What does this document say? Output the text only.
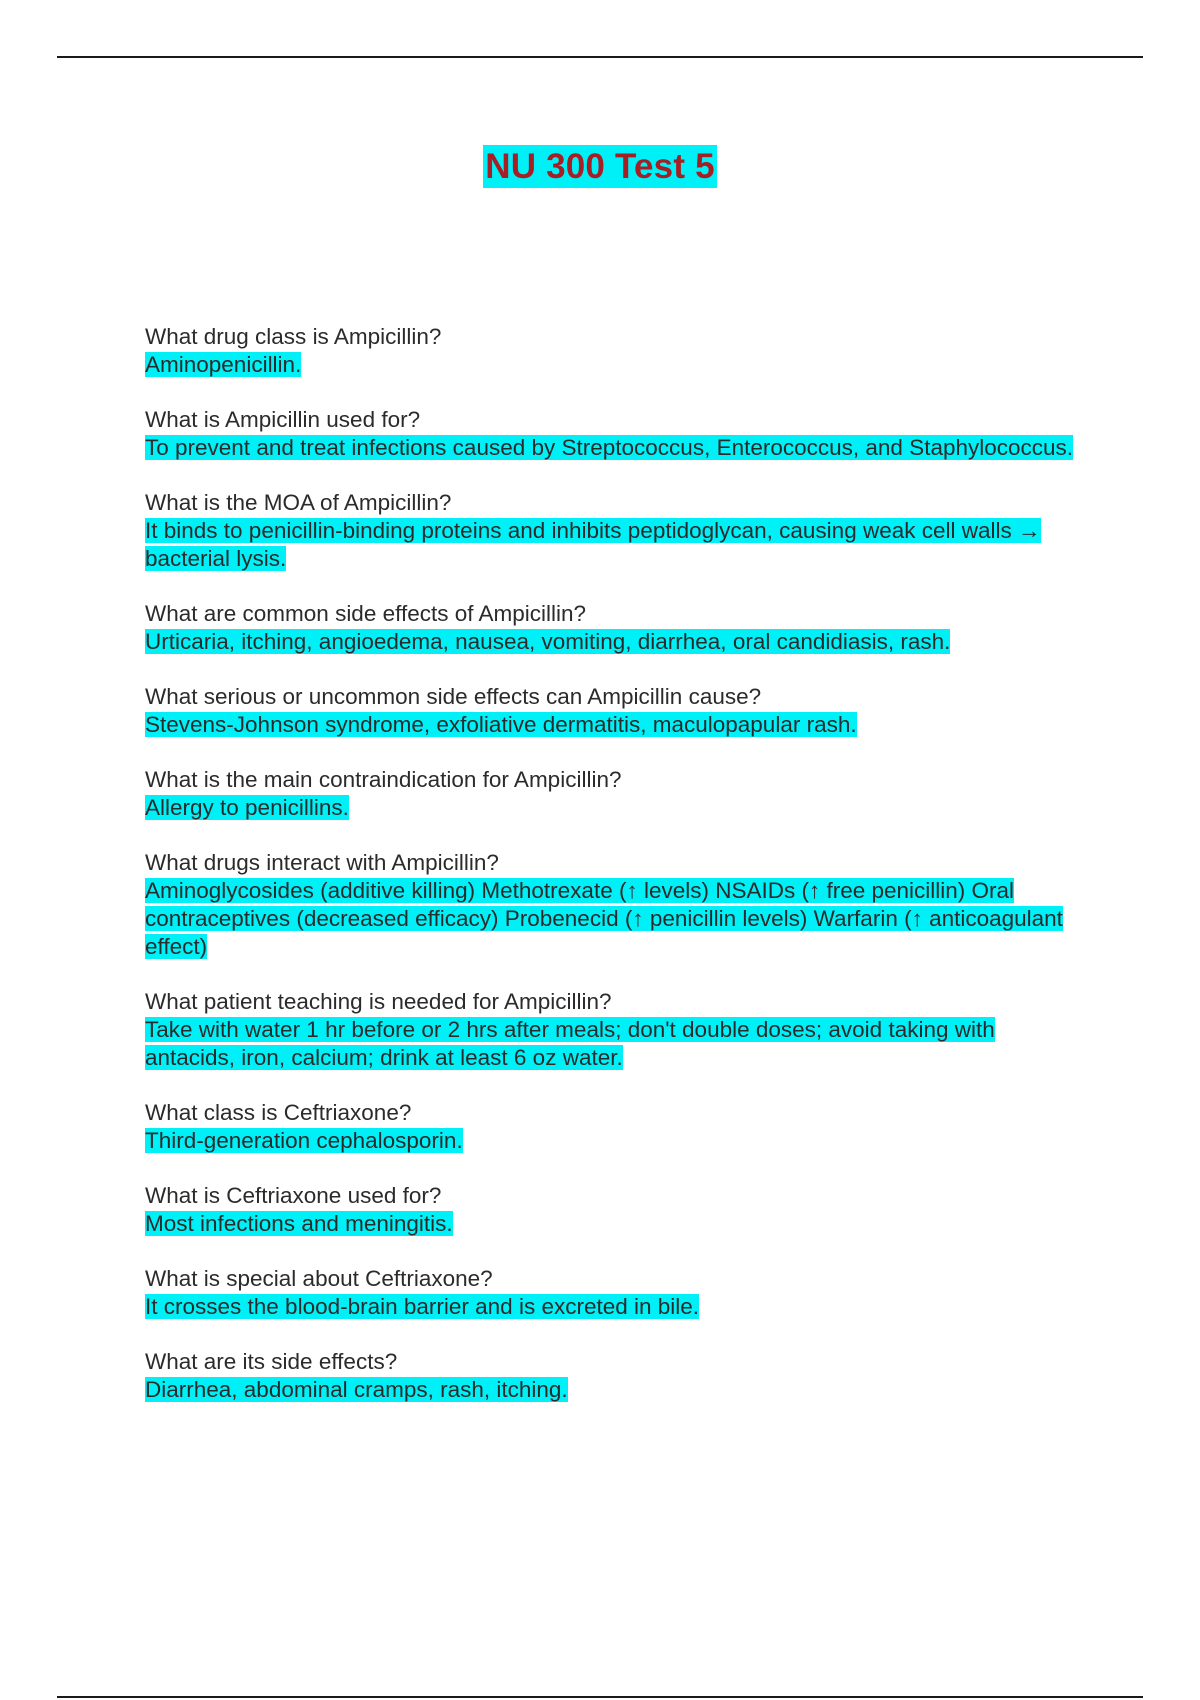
NU 300 Test 5
What drug class is Ampicillin?
Aminopenicillin.
What is Ampicillin used for?
To prevent and treat infections caused by Streptococcus, Enterococcus, and Staphylococcus.
What is the MOA of Ampicillin?
It binds to penicillin-binding proteins and inhibits peptidoglycan, causing weak cell walls → bacterial lysis.
What are common side effects of Ampicillin?
Urticaria, itching, angioedema, nausea, vomiting, diarrhea, oral candidiasis, rash.
What serious or uncommon side effects can Ampicillin cause?
Stevens-Johnson syndrome, exfoliative dermatitis, maculopapular rash.
What is the main contraindication for Ampicillin?
Allergy to penicillins.
What drugs interact with Ampicillin?
Aminoglycosides (additive killing) Methotrexate (↑ levels) NSAIDs (↑ free penicillin) Oral contraceptives (decreased efficacy) Probenecid (↑ penicillin levels) Warfarin (↑ anticoagulant effect)
What patient teaching is needed for Ampicillin?
Take with water 1 hr before or 2 hrs after meals; don't double doses; avoid taking with antacids, iron, calcium; drink at least 6 oz water.
What class is Ceftriaxone?
Third-generation cephalosporin.
What is Ceftriaxone used for?
Most infections and meningitis.
What is special about Ceftriaxone?
It crosses the blood-brain barrier and is excreted in bile.
What are its side effects?
Diarrhea, abdominal cramps, rash, itching.
